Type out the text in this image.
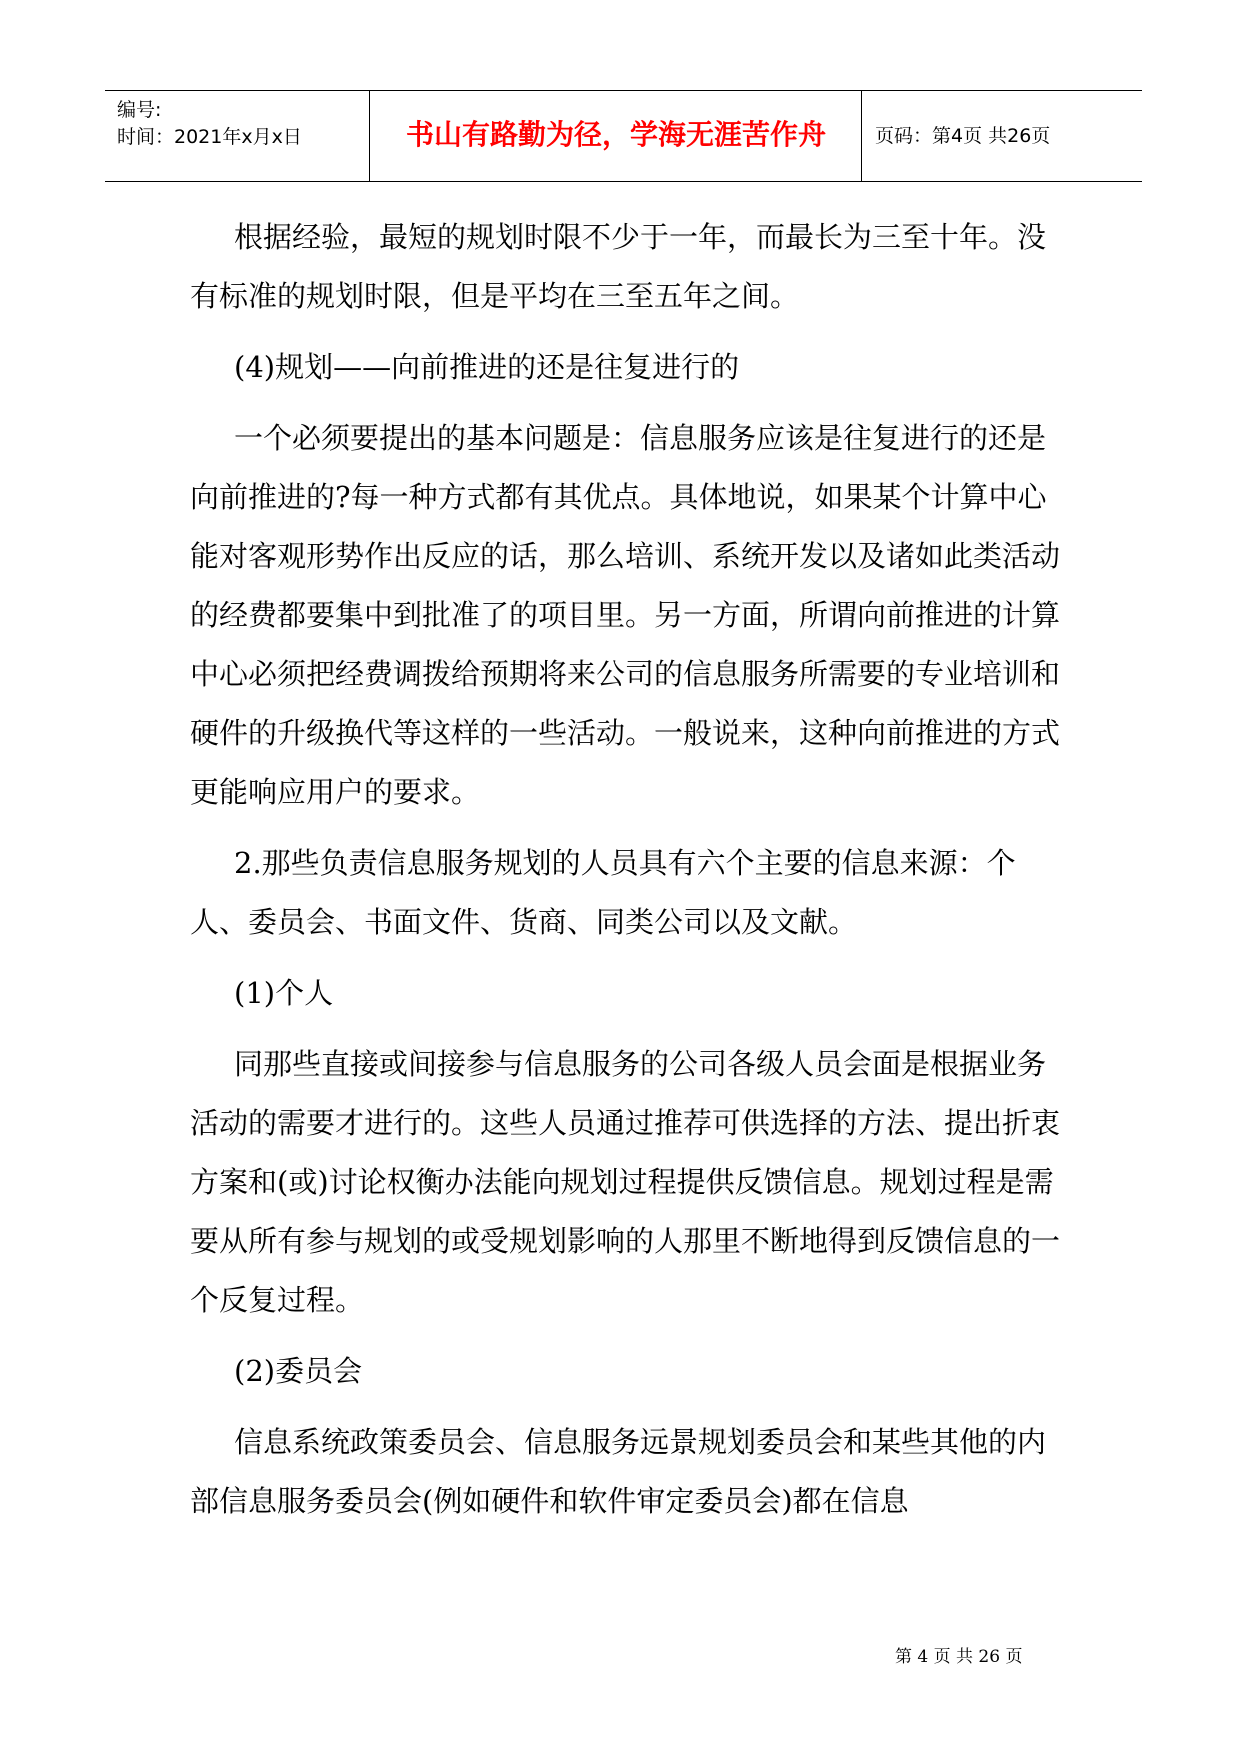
编号:
时间：2021年x月x日	书山有路勤为径，学海无涯苦作舟	页码：第4页 共26页

根据经验，最短的规划时限不少于一年，而最长为三至十年。没有标准的规划时限，但是平均在三至五年之间。

(4)规划——向前推进的还是往复进行的

一个必须要提出的基本问题是：信息服务应该是往复进行的还是向前推进的?每一种方式都有其优点。具体地说，如果某个计算中心能对客观形势作出反应的话，那么培训、系统开发以及诸如此类活动的经费都要集中到批准了的项目里。另一方面，所谓向前推进的计算中心必须把经费调拨给预期将来公司的信息服务所需要的专业培训和硬件的升级换代等这样的一些活动。一般说来，这种向前推进的方式更能响应用户的要求。

2.那些负责信息服务规划的人员具有六个主要的信息来源：个人、委员会、书面文件、货商、同类公司以及文献。

(1)个人

同那些直接或间接参与信息服务的公司各级人员会面是根据业务活动的需要才进行的。这些人员通过推荐可供选择的方法、提出折衷方案和(或)讨论权衡办法能向规划过程提供反馈信息。规划过程是需要从所有参与规划的或受规划影响的人那里不断地得到反馈信息的一个反复过程。

(2)委员会

信息系统政策委员会、信息服务远景规划委员会和某些其他的内部信息服务委员会(例如硬件和软件审定委员会)都在信息

第 4 页 共 26 页
